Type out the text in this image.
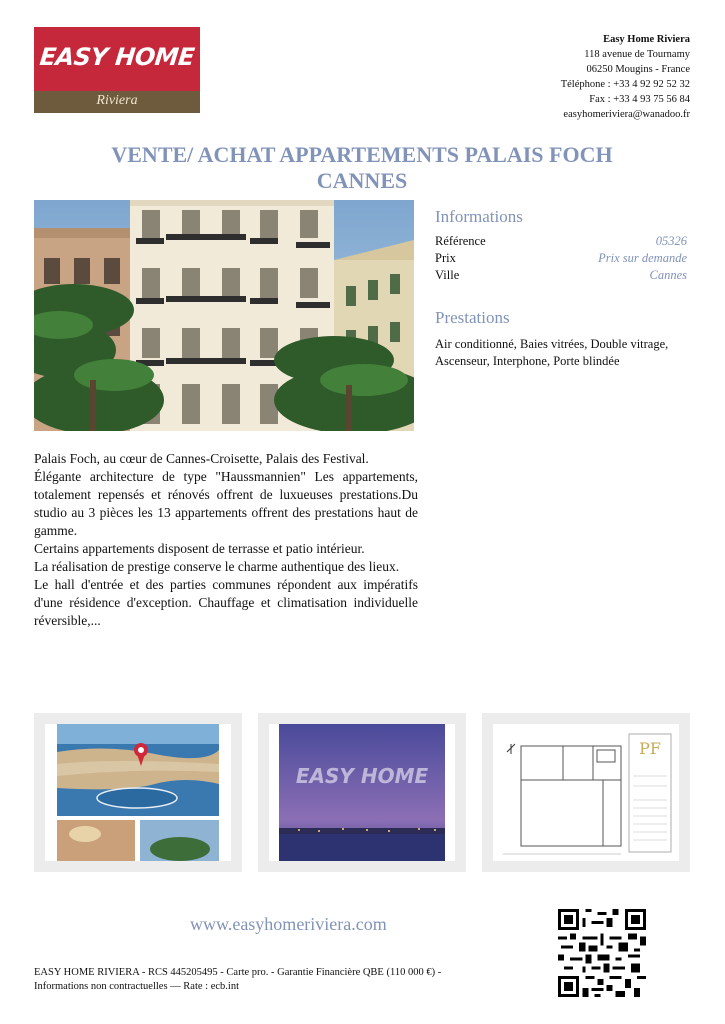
EASY HOME
Riviera
Easy Home Riviera
118 avenue de Tournamy
06250 Mougins - France
Téléphone : +33 4 92 92 52 32
Fax : +33 4 93 75 56 84
easyhomeriviera@wanadoo.fr
VENTE/ ACHAT APPARTEMENTS PALAIS FOCH
CANNES
Informations
Référence	05326
Prix	Prix sur demande
Ville	Cannes
Prestations
Air conditionné, Baies vitrées, Double vitrage, Ascenseur, Interphone, Porte blindée

Palais Foch, au cœur de Cannes-Croisette, Palais des Festival.

Élégante architecture de type "Haussmannien" Les appartements, totalement repensés et rénovés offrent de luxueuses prestations.Du studio au 3 pièces les 13 appartements offrent des prestations haut de gamme.

Certains appartements disposent de terrasse et patio intérieur.

La réalisation de prestige conserve le charme authentique des lieux.

Le hall d'entrée et des parties communes répondent aux impératifs d'une résidence d'exception. Chauffage et climatisation individuelle réversible,...

EASY HOME
PF
www.easyhomeriviera.com
EASY HOME RIVIERA - RCS 445205495 - Carte pro. - Garantie Financière QBE (110 000 €) -
Informations non contractuelles — Rate : ecb.int
